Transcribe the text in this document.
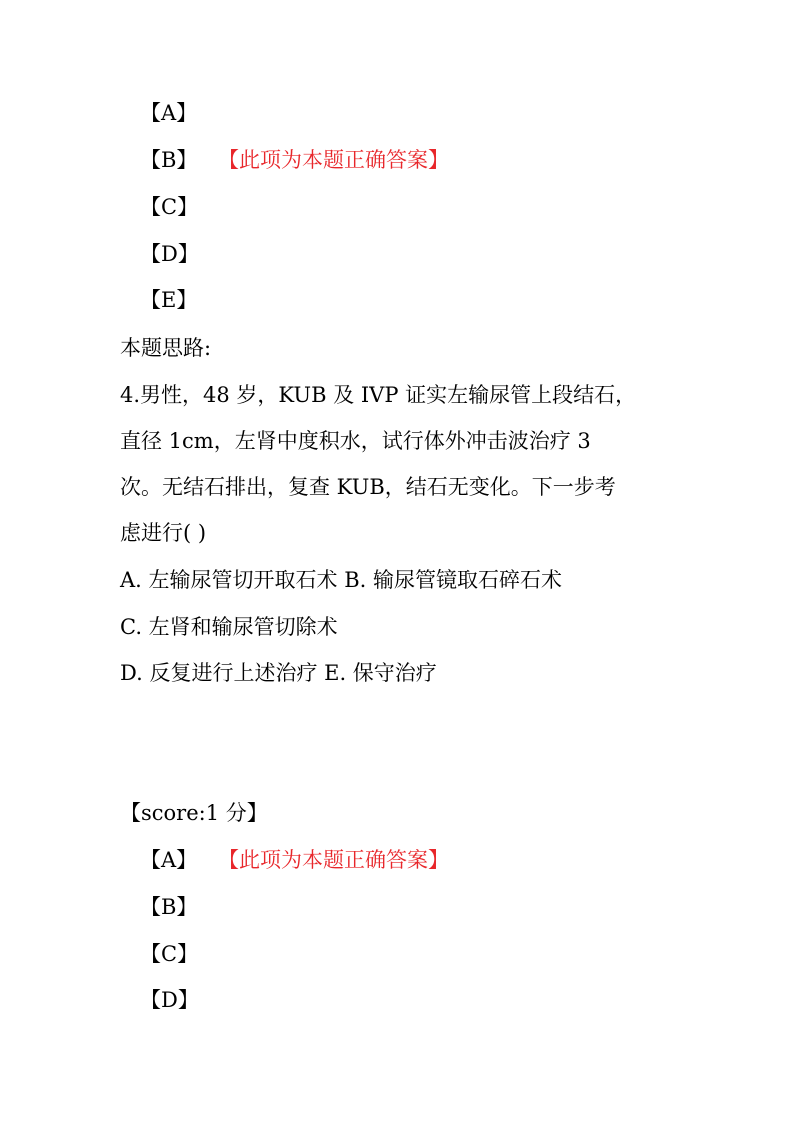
【A】
【B】 【此项为本题正确答案】
【C】
【D】
【E】
本题思路:
4.男性，48 岁，KUB 及 IVP 证实左输尿管上段结石，
直径 1cm，左肾中度积水，试行体外冲击波治疗 3
次。无结石排出，复查 KUB，结石无变化。下一步考
虑进行( )
A. 左输尿管切开取石术 B. 输尿管镜取石碎石术
C. 左肾和输尿管切除术
D. 反复进行上述治疗 E. 保守治疗
【score:1 分】
【A】 【此项为本题正确答案】
【B】
【C】
【D】
